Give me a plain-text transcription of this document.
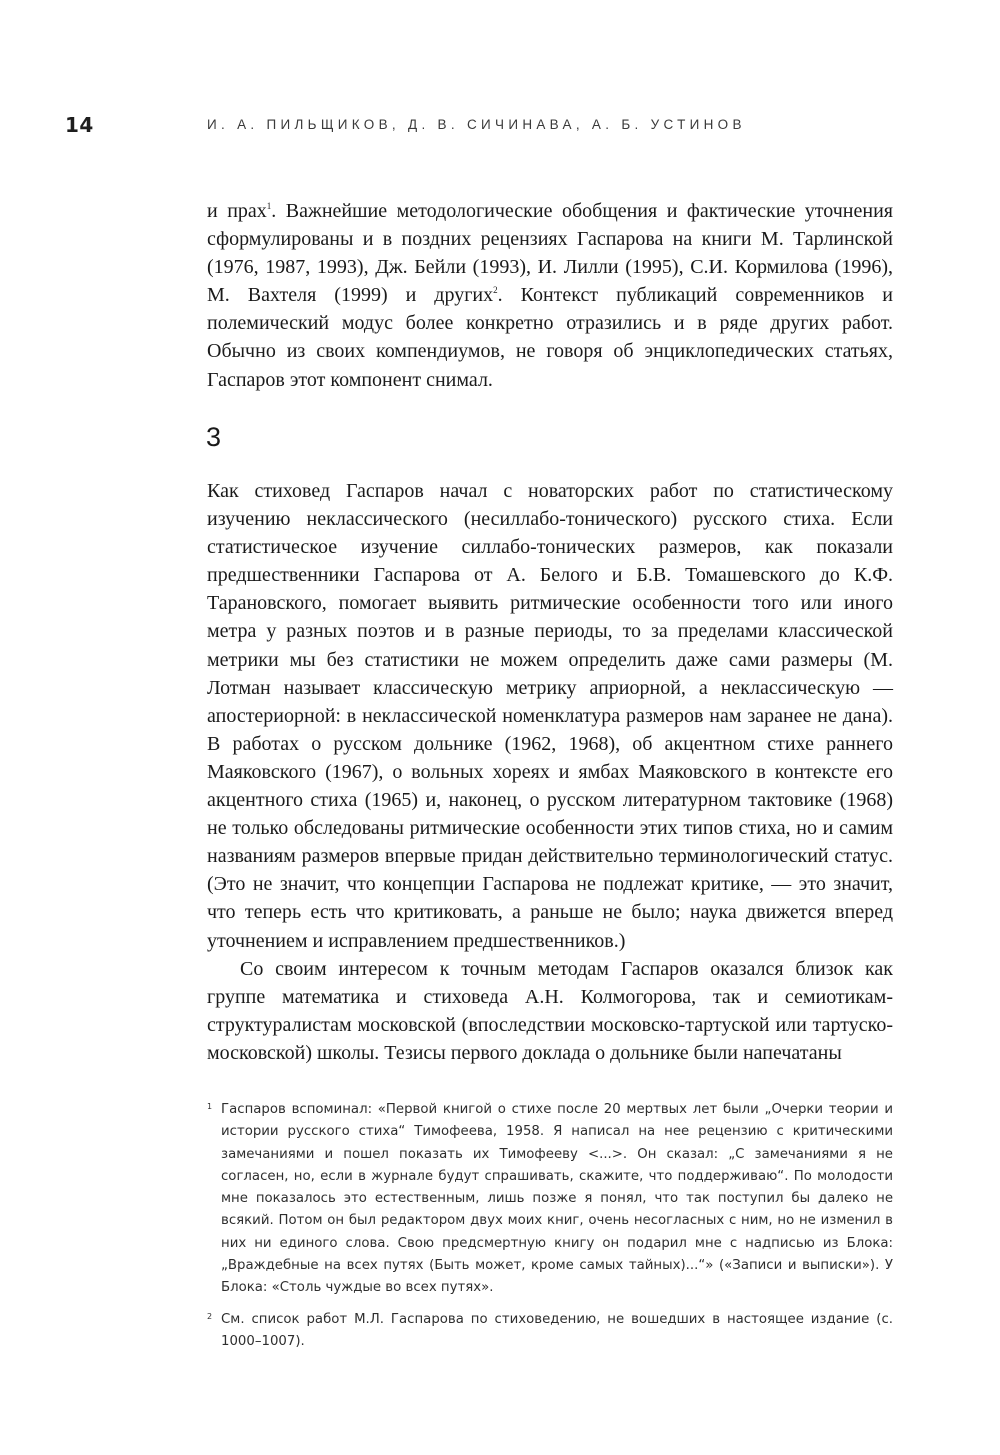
14	И. А. ПИЛЬЩИКОВ, Д. В. СИЧИНАВА, А. Б. УСТИНОВ

и прах$^1$. Важнейшие методологические обобщения и фактические уточнения сформулированы и в поздних рецензиях Гаспарова на книги М. Тарлинской (1976, 1987, 1993), Дж. Бейли (1993), И. Лилли (1995), С.И. Кормилова (1996), М. Вахтеля (1999) и других$^2$. Контекст публикаций современников и полемический модус более конкретно отразились и в ряде других работ. Обычно из своих компендиумов, не говоря об энциклопедических статьях, Гаспаров этот компонент снимал.

3

Как стиховед Гаспаров начал с новаторских работ по статистическому изучению неклассического (несиллабо-тонического) русского стиха. Если статистическое изучение силлабо-тонических размеров, как показали предшественники Гаспарова от А. Белого и Б.В. Томашевского до К.Ф. Тарановского, помогает выявить ритмические особенности того или иного метра у разных поэтов и в разные периоды, то за пределами классической метрики мы без статистики не можем определить даже сами размеры (М. Лотман называет классическую метрику априорной, а неклассическую — апостериорной: в неклассической номенклатура размеров нам заранее не дана). В работах о русском дольнике (1962, 1968), об акцентном стихе раннего Маяковского (1967), о вольных хореях и ямбах Маяковского в контексте его акцентного стиха (1965) и, наконец, о русском литературном тактовике (1968) не только обследованы ритмические особенности этих типов стиха, но и самим названиям размеров впервые придан действительно терминологический статус. (Это не значит, что концепции Гаспарова не подлежат критике, — это значит, что теперь есть что критиковать, а раньше не было; наука движется вперед уточнением и исправлением предшественников.)

Со своим интересом к точным методам Гаспаров оказался близок как группе математика и стиховеда А.Н. Колмогорова, так и семиотикам-структуралистам московской (впоследствии московско-тартуской или тартуско-московской) школы. Тезисы первого доклада о дольнике были напечатаны

1 Гаспаров вспоминал: «Первой книгой о стихе после 20 мертвых лет были „Очерки теории и истории русского стиха“ Тимофеева, 1958. Я написал на нее рецензию с критическими замечаниями и пошел показать их Тимофееву <...>. Он сказал: „С замечаниями я не согласен, но, если в журнале будут спрашивать, скажите, что поддерживаю“. По молодости мне показалось это естественным, лишь позже я понял, что так поступил бы далеко не всякий. Потом он был редактором двух моих книг, очень несогласных с ним, но не изменил в них ни единого слова. Свою предсмертную книгу он подарил мне с надписью из Блока: „Враждебные на всех путях (Быть может, кроме самых тайных)...“» («Записи и выписки»). У Блока: «Столь чуждые во всех путях».
2 См. список работ М.Л. Гаспарова по стиховедению, не вошедших в настоящее издание (с. 1000–1007).
